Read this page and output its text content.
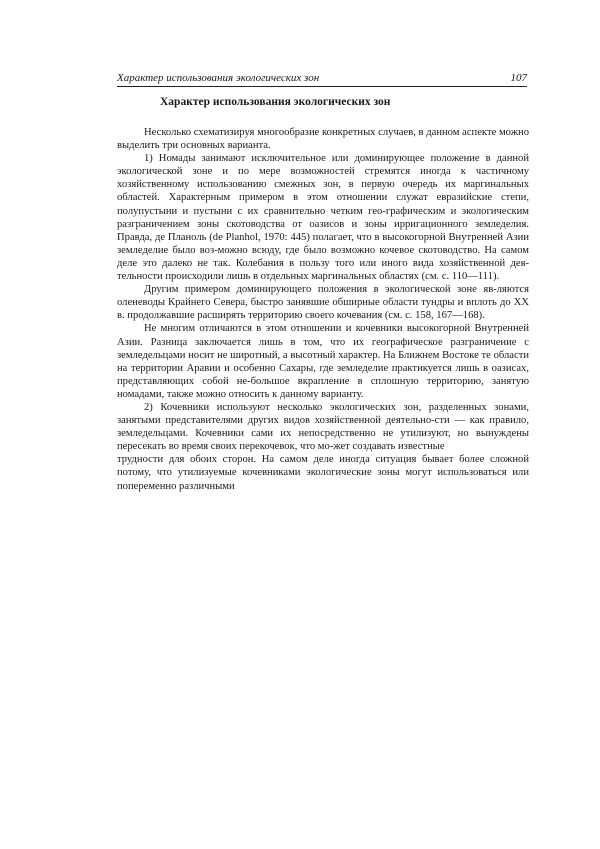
Характер использования экологических зон	107
Характер использования экологических зон

Несколько схематизируя многообразие конкретных случаев, в данном аспекте можно выделить три основных варианта.

1) Номады занимают исключительное или доминирующее положение в данной экологической зоне и по мере возможностей стремятся иногда к частичному хозяйственному использованию смежных зон, в первую очередь их маргинальных областей. Характерным примером в этом отношении служат евразийские степи, полупустыни и пустыни с их сравнительно четким гео-графическим и экологическим разграничением зоны скотоводства от оазисов и зоны ирригационного земледелия. Правда, де Планоль (de Planhol, 1970: 445) полагает, что в высокогорной Внутренней Азии земледелие было воз-можно всюду, где было возможно кочевое скотоводство. На самом деле это далеко не так. Колебания в пользу того или иного вида хозяйственной дея-тельности происходили лишь в отдельных маргинальных областях (см. с. 110—111).

Другим примером доминирующего положения в экологической зоне яв-ляются оленеводы Крайнего Севера, быстро занявшие обширные области тундры и вплоть до XX в. продолжавшие расширять территорию своего кочевания (см. с. 158, 167—168).

Не многим отличаются в этом отношении и кочевники высокогорной Внутренней Азии. Разница заключается лишь в том, что их географическое разграничение с земледельцами носит не широтный, а высотный характер. На Ближнем Востоке те области на территории Аравии и особенно Сахары, где земледелие практикуется лишь в оазисах, представляющих собой не-большое вкрапление в сплошную территорию, занятую номадами, также можно относить к данному варианту.

2) Кочевники используют несколько экологических зон, разделенных зонами, занятыми представителями других видов хозяйственной деятельно-сти — как правило, земледельцами. Кочевники сами их непосредственно не утилизуют, но вынуждены пересекать во время своих перекочевок, что мо-жет создавать известные

трудности для обоих сторон. На самом деле иногда ситуация бывает более сложной потому, что утилизуемые кочевниками экологические зоны могут использоваться или попеременно различными
